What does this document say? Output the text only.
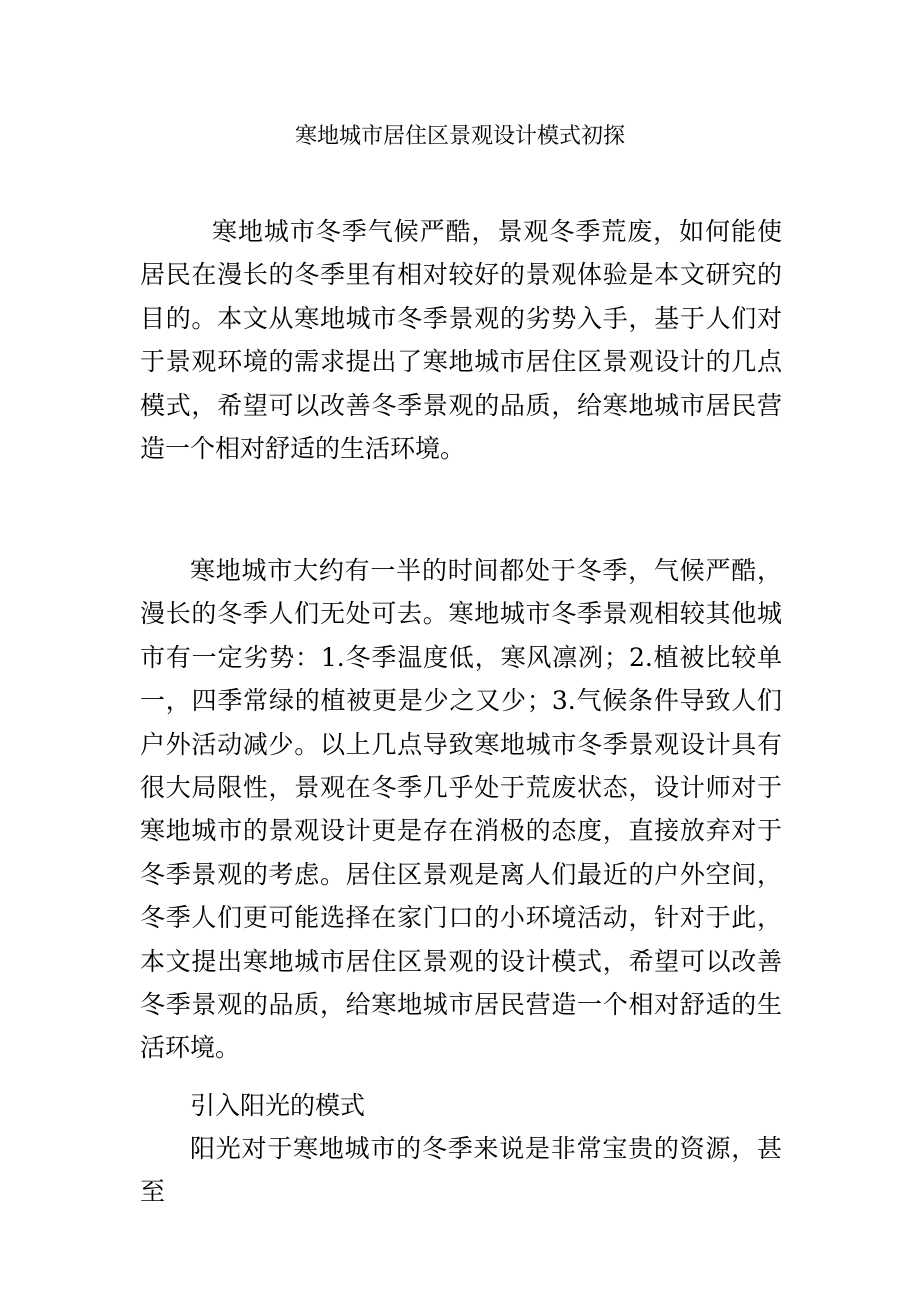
寒地城市居住区景观设计模式初探

寒地城市冬季气候严酷，景观冬季荒废，如何能使居民在漫长的冬季里有相对较好的景观体验是本文研究的目的。本文从寒地城市冬季景观的劣势入手，基于人们对于景观环境的需求提出了寒地城市居住区景观设计的几点模式，希望可以改善冬季景观的品质，给寒地城市居民营造一个相对舒适的生活环境。

寒地城市大约有一半的时间都处于冬季，气候严酷，漫长的冬季人们无处可去。寒地城市冬季景观相较其他城市有一定劣势：1.冬季温度低，寒风凛冽；2.植被比较单一，四季常绿的植被更是少之又少；3.气候条件导致人们户外活动减少。以上几点导致寒地城市冬季景观设计具有很大局限性，景观在冬季几乎处于荒废状态，设计师对于寒地城市的景观设计更是存在消极的态度，直接放弃对于冬季景观的考虑。居住区景观是离人们最近的户外空间，冬季人们更可能选择在家门口的小环境活动，针对于此，本文提出寒地城市居住区景观的设计模式，希望可以改善冬季景观的品质，给寒地城市居民营造一个相对舒适的生活环境。

引入阳光的模式

阳光对于寒地城市的冬季来说是非常宝贵的资源，甚至
